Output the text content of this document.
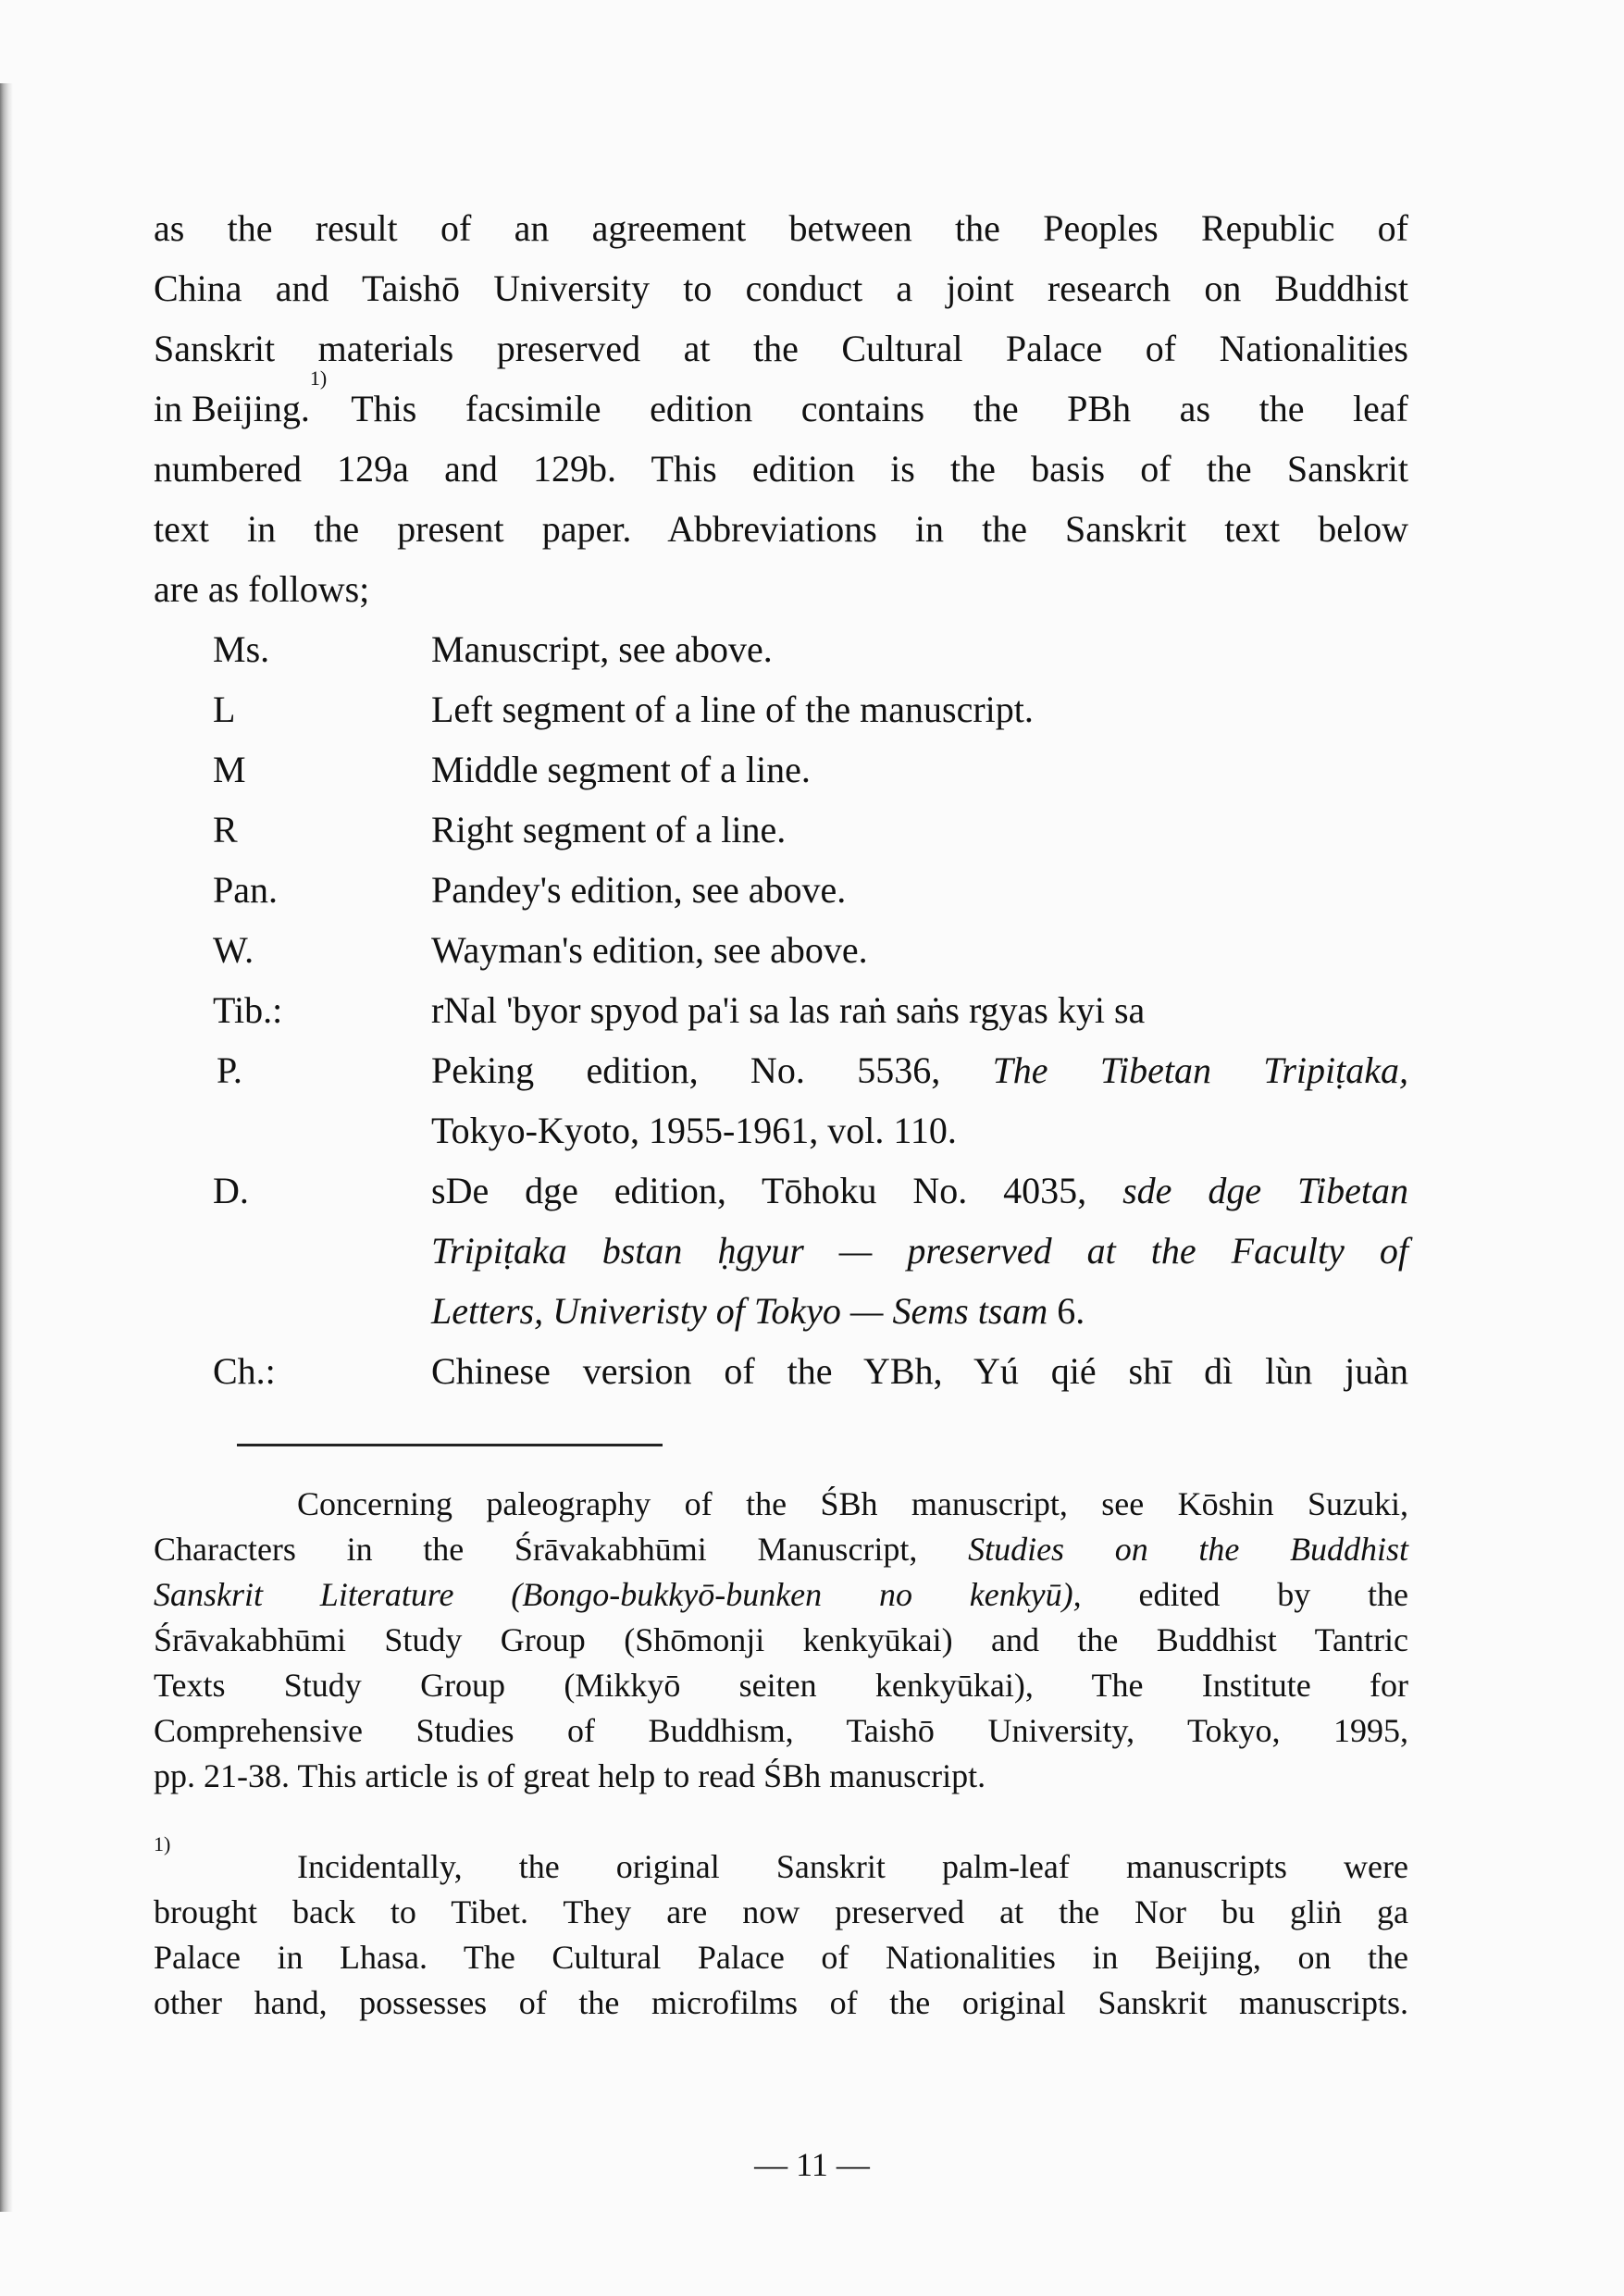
as the result of an agreement between the Peoples Republic of
China and Taishō University to conduct a joint research on Buddhist
Sanskrit materials preserved at the Cultural Palace of Nationalities
in Beijing.
1)
This facsimile edition contains the PBh as the leaf
numbered 129a and 129b. This edition is the basis of the Sanskrit
text in the present paper. Abbreviations in the Sanskrit text below
are as follows;
Ms.	Manuscript, see above.
L	Left segment of a line of the manuscript.
M	Middle segment of a line.
R	Right segment of a line.
Pan.	Pandey's edition, see above.
W.	Wayman's edition, see above.
Tib.:	rNal 'byor spyod pa'i sa las raṅ saṅs rgyas kyi sa
P.	Peking edition, No. 5536, The Tibetan Tripiṭaka,
Tokyo-Kyoto, 1955-1961, vol. 110.
D.	sDe dge edition, Tōhoku No. 4035, sde dge Tibetan
Tripiṭaka bstan ḥgyur — preserved at the Faculty of
Letters, Univeristy of Tokyo — Sems tsam 6.
Ch.:	Chinese version of the YBh, Yú qié shī dì lùn juàn
Concerning paleography of the ŚBh manuscript, see Kōshin Suzuki,
Characters in the Śrāvakabhūmi Manuscript, Studies on the Buddhist
Sanskrit Literature (Bongo-bukkyō-bunken no kenkyū), edited by the
Śrāvakabhūmi Study Group (Shōmonji kenkyūkai) and the Buddhist Tantric
Texts Study Group (Mikkyō seiten kenkyūkai), The Institute for
Comprehensive Studies of Buddhism, Taishō University, Tokyo, 1995,
pp. 21-38. This article is of great help to read ŚBh manuscript.
1)
Incidentally, the original Sanskrit palm-leaf manuscripts were
brought back to Tibet. They are now preserved at the Nor bu gliṅ ga
Palace in Lhasa. The Cultural Palace of Nationalities in Beijing, on the
other hand, possesses of the microfilms of the original Sanskrit manuscripts.
— 11 —
